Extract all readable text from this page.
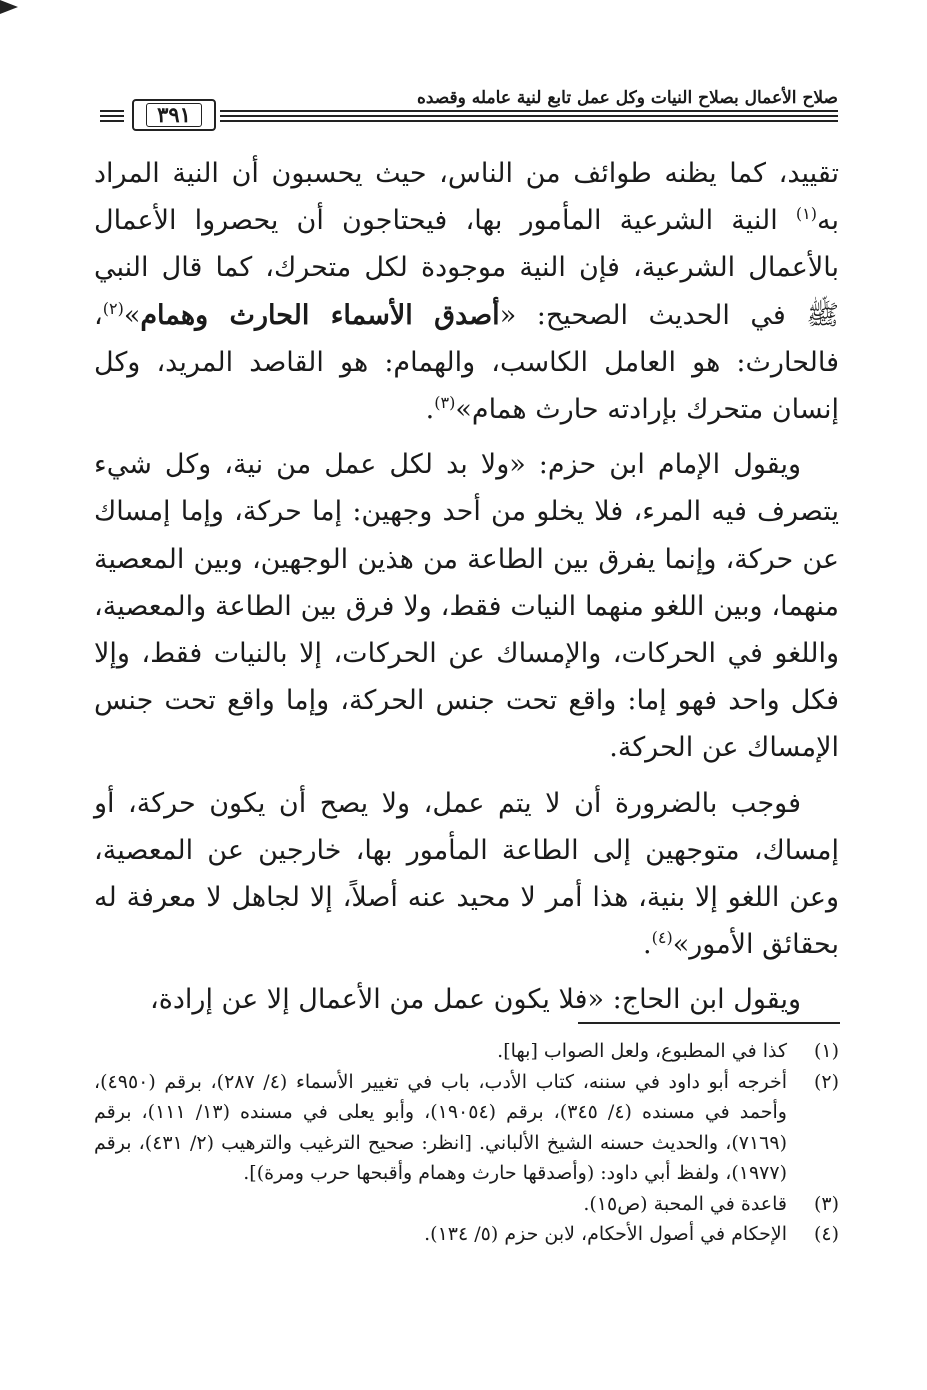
صلاح الأعمال بصلاح النيات وكل عمل تابع لنية عامله وقصده
٣٩١

تقييد، كما يظنه طوائف من الناس، حيث يحسبون أن النية المراد به$^{(١)}$ النية الشرعية المأمور بها، فيحتاجون أن يحصروا الأعمال بالأعمال الشرعية، فإن النية موجودة لكل متحرك، كما قال النبي ﷺ في الحديث الصحيح: «أصدق الأسماء الحارث وهمام»$^{(٢)}$، فالحارث: هو العامل الكاسب، والهمام: هو القاصد المريد، وكل إنسان متحرك بإرادته حارث همام»$^{(٣)}$.

ويقول الإمام ابن حزم: «ولا بد لكل عمل من نية، وكل شيء يتصرف فيه المرء، فلا يخلو من أحد وجهين: إما حركة، وإما إمساك عن حركة، وإنما يفرق بين الطاعة من هذين الوجهين، وبين المعصية منهما، وبين اللغو منهما النيات فقط، ولا فرق بين الطاعة والمعصية، واللغو في الحركات، والإمساك عن الحركات، إلا بالنيات فقط، وإلا فكل واحد فهو إما: واقع تحت جنس الحركة، وإما واقع تحت جنس الإمساك عن الحركة.

فوجب بالضرورة أن لا يتم عمل، ولا يصح أن يكون حركة، أو إمساك، متوجهين إلى الطاعة المأمور بها، خارجين عن المعصية، وعن اللغو إلا بنية، هذا أمر لا محيد عنه أصلاً، إلا لجاهل لا معرفة له بحقائق الأمور»$^{(٤)}$.

ويقول ابن الحاج: «فلا يكون عمل من الأعمال إلا عن إرادة،

(١)
كذا في المطبوع، ولعل الصواب [بها].
(٢)
أخرجه أبو داود في سننه، كتاب الأدب، باب في تغيير الأسماء (٤/ ٢٨٧)، برقم (٤٩٥٠)، وأحمد في مسنده (٤/ ٣٤٥)، برقم (١٩٠٥٤)، وأبو يعلى في مسنده (١٣/ ١١١)، برقم (٧١٦٩)، والحديث حسنه الشيخ الألباني. [انظر: صحيح الترغيب والترهيب (٢/ ٤٣١)، برقم (١٩٧٧)، ولفظ أبي داود: (وأصدقها حارث وهمام وأقبحها حرب ومرة)].
(٣)
قاعدة في المحبة (ص١٥).
(٤)
الإحكام في أصول الأحكام، لابن حزم (٥/ ١٣٤).
